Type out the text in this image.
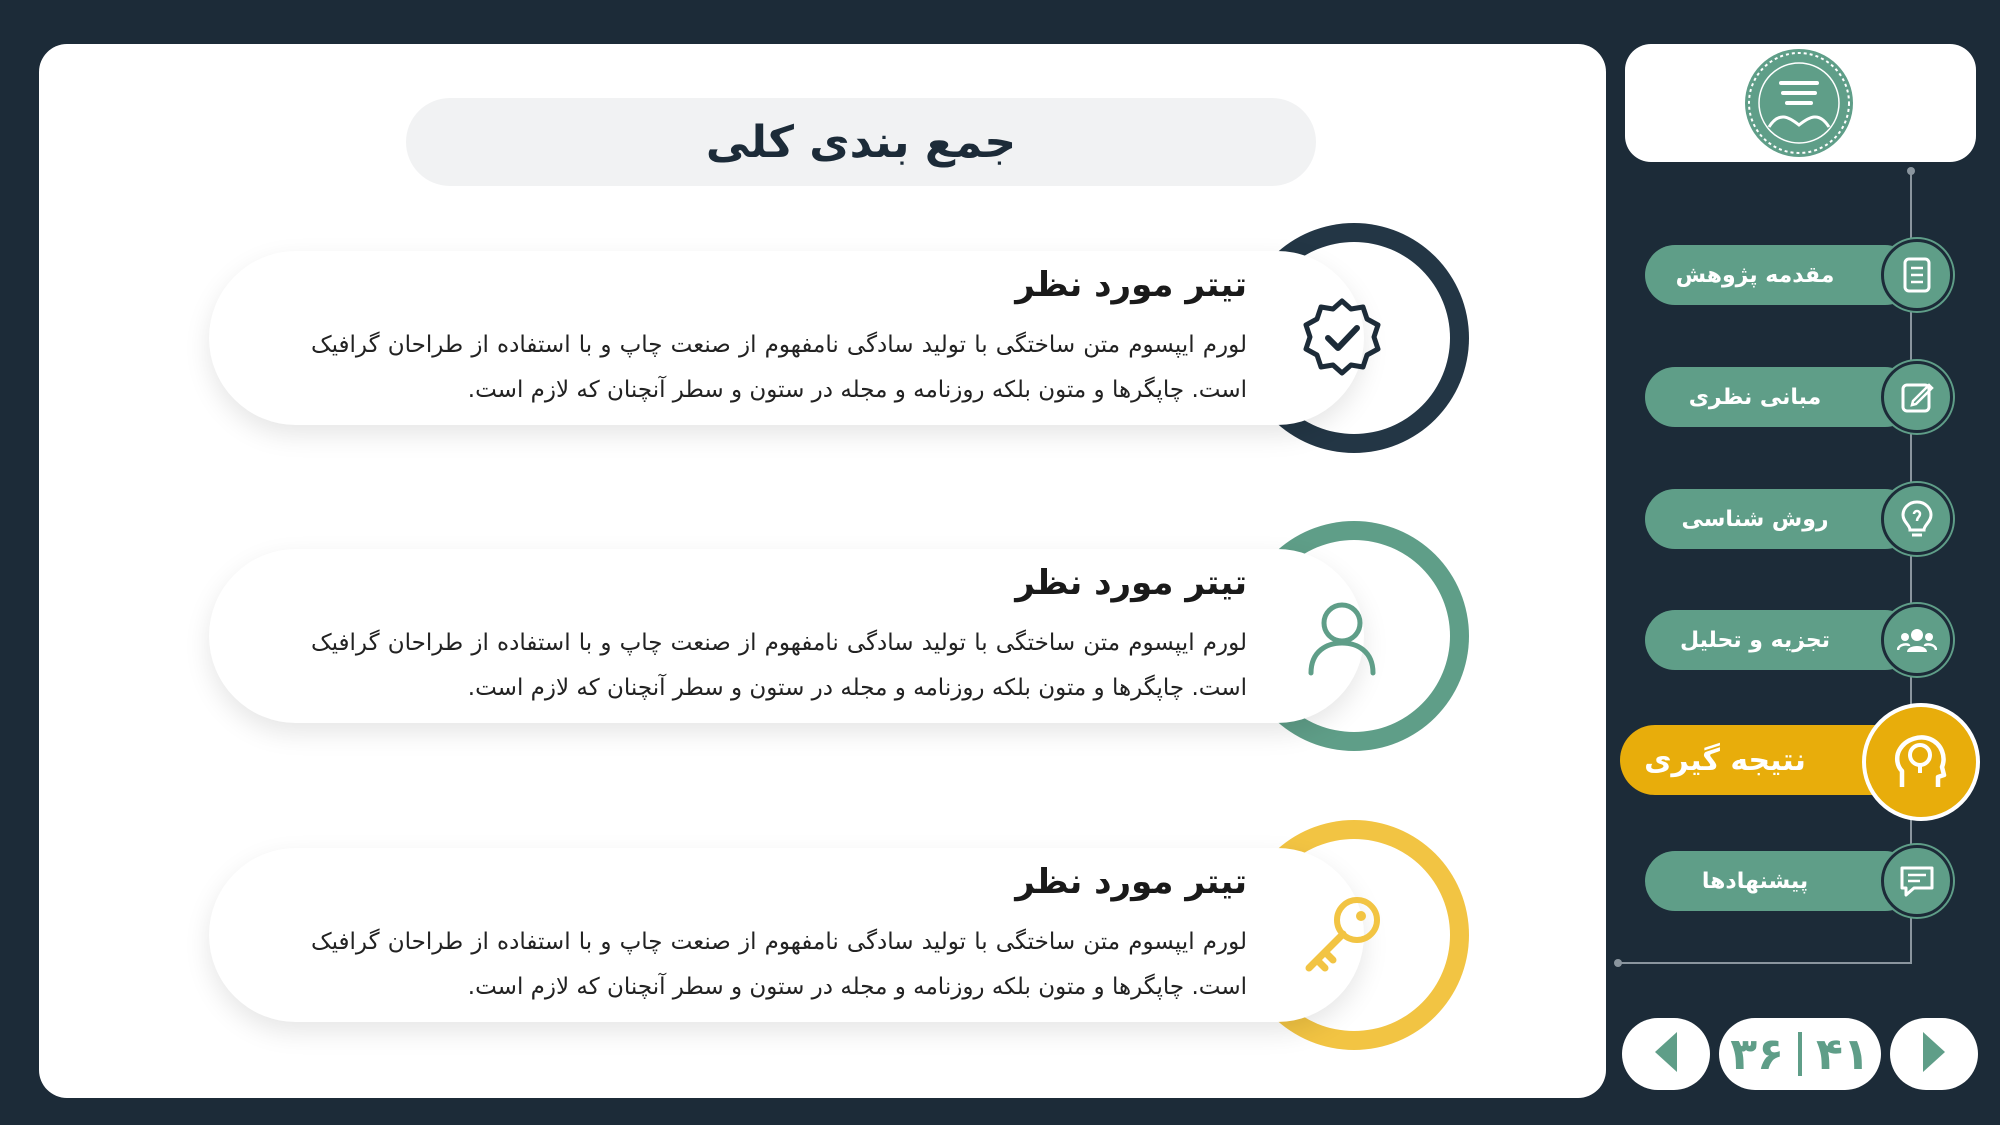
جمع بندی کلی
تیتر مورد نظر
لورم ایپسوم متن ساختگی با تولید سادگی نامفهوم از صنعت چاپ و با استفاده از طراحان گرافیک است. چاپگرها و متون بلکه روزنامه و مجله در ستون و سطر آنچنان که لازم است.
تیتر مورد نظر
لورم ایپسوم متن ساختگی با تولید سادگی نامفهوم از صنعت چاپ و با استفاده از طراحان گرافیک است. چاپگرها و متون بلکه روزنامه و مجله در ستون و سطر آنچنان که لازم است.
تیتر مورد نظر
لورم ایپسوم متن ساختگی با تولید سادگی نامفهوم از صنعت چاپ و با استفاده از طراحان گرافیک است. چاپگرها و متون بلکه روزنامه و مجله در ستون و سطر آنچنان که لازم است.
مقدمه پژوهش
مبانی نظری
روش شناسی
تجزیه و تحلیل
نتیجه گیری
پیشنهادها
۳۶ ۴۱
